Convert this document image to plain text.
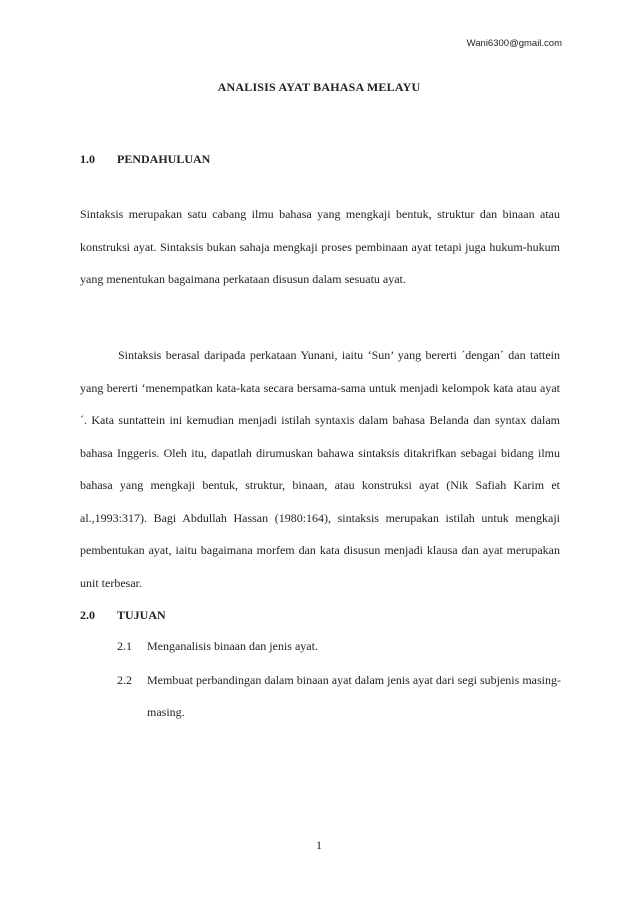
Wani6300@gmail.com
ANALISIS AYAT BAHASA MELAYU
1.0 PENDAHULUAN

Sintaksis merupakan satu cabang ilmu bahasa yang mengkaji bentuk, struktur dan binaan atau konstruksi ayat. Sintaksis bukan sahaja mengkaji proses pembinaan ayat tetapi juga hukum-hukum yang menentukan bagaimana perkataan disusun dalam sesuatu ayat.

Sintaksis berasal daripada perkataan Yunani, iaitu ‘Sun’ yang bererti ´dengan´ dan tattein yang bererti ‘menempatkan kata-kata secara bersama-sama untuk menjadi kelompok kata atau ayat´. Kata suntattein ini kemudian menjadi istilah syntaxis dalam bahasa Belanda dan syntax dalam bahasa Inggeris. Oleh itu, dapatlah dirumuskan bahawa sintaksis ditakrifkan sebagai bidang ilmu bahasa yang mengkaji bentuk, struktur, binaan, atau konstruksi ayat (Nik Safiah Karim et al.,1993:317). Bagi Abdullah Hassan (1980:164), sintaksis merupakan istilah untuk mengkaji pembentukan ayat, iaitu bagaimana morfem dan kata disusun menjadi klausa dan ayat merupakan unit terbesar.

2.0 TUJUAN
2.1	Menganalisis binaan dan jenis ayat.
2.2	Membuat perbandingan dalam binaan ayat dalam jenis ayat dari segi subjenis masing-masing.
1
